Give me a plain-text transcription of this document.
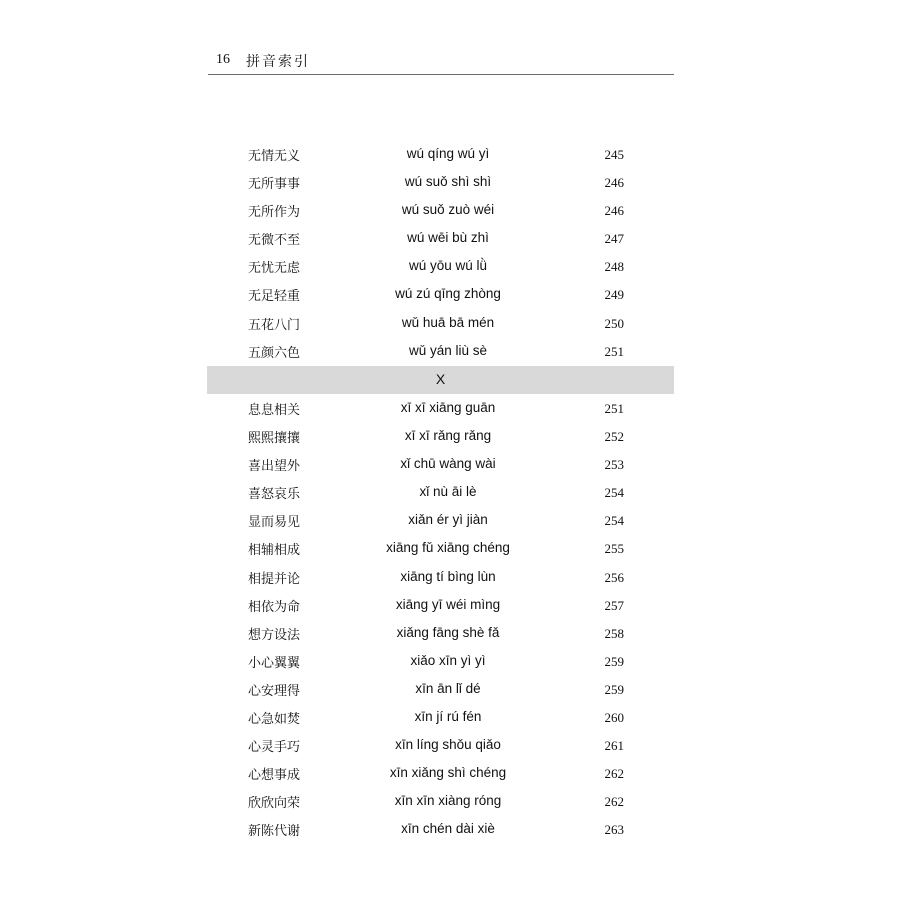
16 拼音索引
无情无义	wú qíng wú yì	245
无所事事	wú suǒ shì shì	246
无所作为	wú suǒ zuò wéi	246
无微不至	wú wēi bù zhì	247
无忧无虑	wú yōu wú lǜ	248
无足轻重	wú zú qīng zhòng	249
五花八门	wǔ huā bā mén	250
五颜六色	wǔ yán liù sè	251
X
息息相关	xī xī xiāng guān	251
熙熙攘攘	xī xī rǎng rǎng	252
喜出望外	xǐ chū wàng wài	253
喜怒哀乐	xǐ nù āi lè	254
显而易见	xiǎn ér yì jiàn	254
相辅相成	xiāng fǔ xiāng chéng	255
相提并论	xiāng tí bìng lùn	256
相依为命	xiāng yī wéi mìng	257
想方设法	xiǎng fāng shè fǎ	258
小心翼翼	xiǎo xīn yì yì	259
心安理得	xīn ān lǐ dé	259
心急如焚	xīn jí rú fén	260
心灵手巧	xīn líng shǒu qiǎo	261
心想事成	xīn xiǎng shì chéng	262
欣欣向荣	xīn xīn xiàng róng	262
新陈代谢	xīn chén dài xiè	263
